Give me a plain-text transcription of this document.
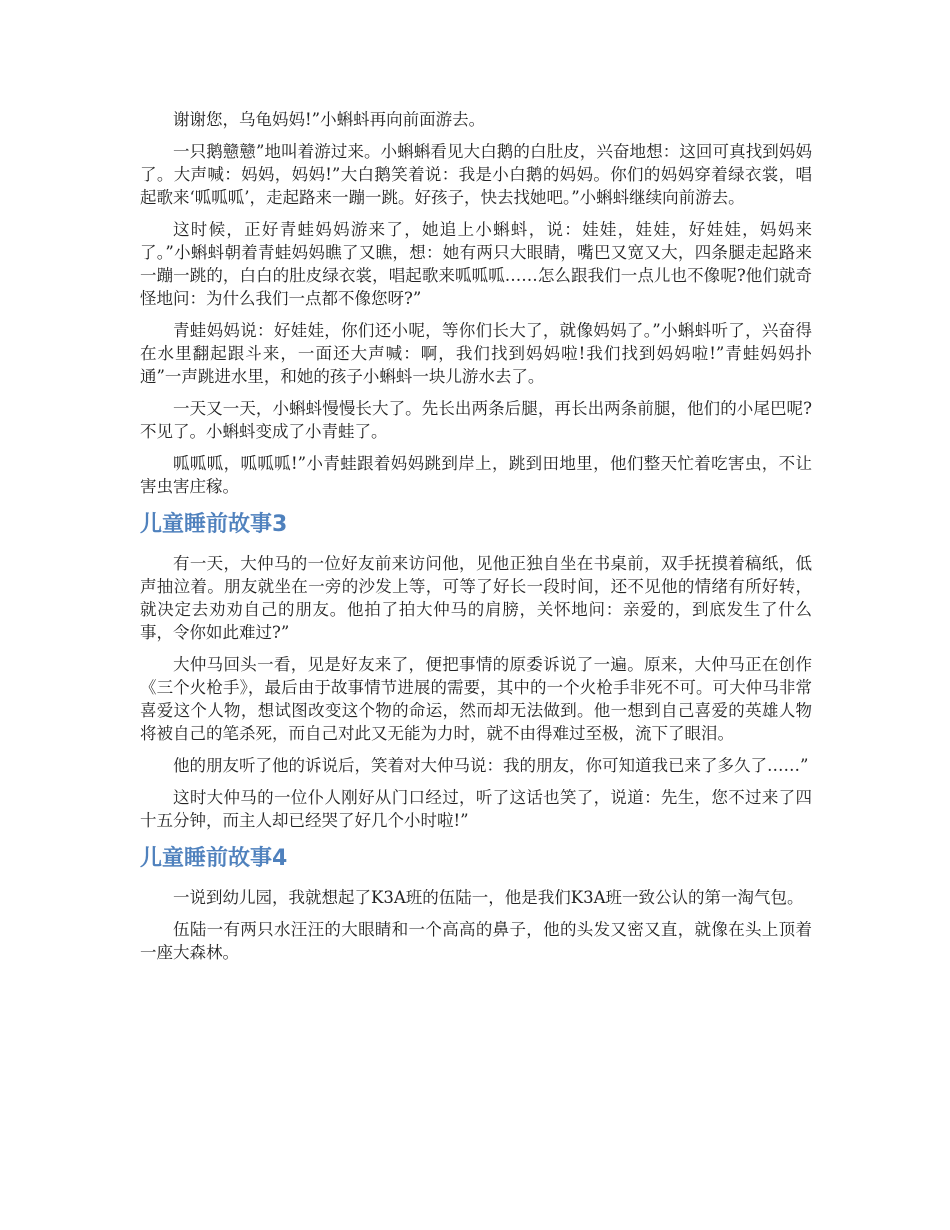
谢谢您，乌龟妈妈!”小蝌蚪再向前面游去。

一只鹅戆戆”地叫着游过来。小蝌蝌看见大白鹅的白肚皮，兴奋地想：这回可真找到妈妈了。大声喊：妈妈，妈妈!”大白鹅笑着说：我是小白鹅的妈妈。你们的妈妈穿着绿衣裳，唱起歌来‘呱呱呱’，走起路来一蹦一跳。好孩子，快去找她吧。”小蝌蚪继续向前游去。

这时候，正好青蛙妈妈游来了，她追上小蝌蚪，说：娃娃，娃娃，好娃娃，妈妈来了。”小蝌蚪朝着青蛙妈妈瞧了又瞧，想：她有两只大眼睛，嘴巴又宽又大，四条腿走起路来一蹦一跳的，白白的肚皮绿衣裳，唱起歌来呱呱呱……怎么跟我们一点儿也不像呢?他们就奇怪地问：为什么我们一点都不像您呀?”

青蛙妈妈说：好娃娃，你们还小呢，等你们长大了，就像妈妈了。”小蝌蚪听了，兴奋得在水里翻起跟斗来，一面还大声喊：啊，我们找到妈妈啦!我们找到妈妈啦!”青蛙妈妈扑通”一声跳进水里，和她的孩子小蝌蚪一块儿游水去了。

一天又一天，小蝌蚪慢慢长大了。先长出两条后腿，再长出两条前腿，他们的小尾巴呢?不见了。小蝌蚪变成了小青蛙了。

呱呱呱，呱呱呱!”小青蛙跟着妈妈跳到岸上，跳到田地里，他们整天忙着吃害虫，不让害虫害庄稼。

儿童睡前故事3

有一天，大仲马的一位好友前来访问他，见他正独自坐在书桌前，双手抚摸着稿纸，低声抽泣着。朋友就坐在一旁的沙发上等，可等了好长一段时间，还不见他的情绪有所好转，就决定去劝劝自己的朋友。他拍了拍大仲马的肩膀，关怀地问：亲爱的，到底发生了什么事，令你如此难过?”

大仲马回头一看，见是好友来了，便把事情的原委诉说了一遍。原来，大仲马正在创作《三个火枪手》，最后由于故事情节进展的需要，其中的一个火枪手非死不可。可大仲马非常喜爱这个人物，想试图改变这个物的命运，然而却无法做到。他一想到自己喜爱的英雄人物将被自己的笔杀死，而自己对此又无能为力时，就不由得难过至极，流下了眼泪。

他的朋友听了他的诉说后，笑着对大仲马说：我的朋友，你可知道我已来了多久了……”

这时大仲马的一位仆人刚好从门口经过，听了这话也笑了，说道：先生，您不过来了四十五分钟，而主人却已经哭了好几个小时啦!”

儿童睡前故事4

一说到幼儿园，我就想起了K3A班的伍陆一，他是我们K3A班一致公认的第一淘气包。

伍陆一有两只水汪汪的大眼睛和一个高高的鼻子，他的头发又密又直，就像在头上顶着一座大森林。
